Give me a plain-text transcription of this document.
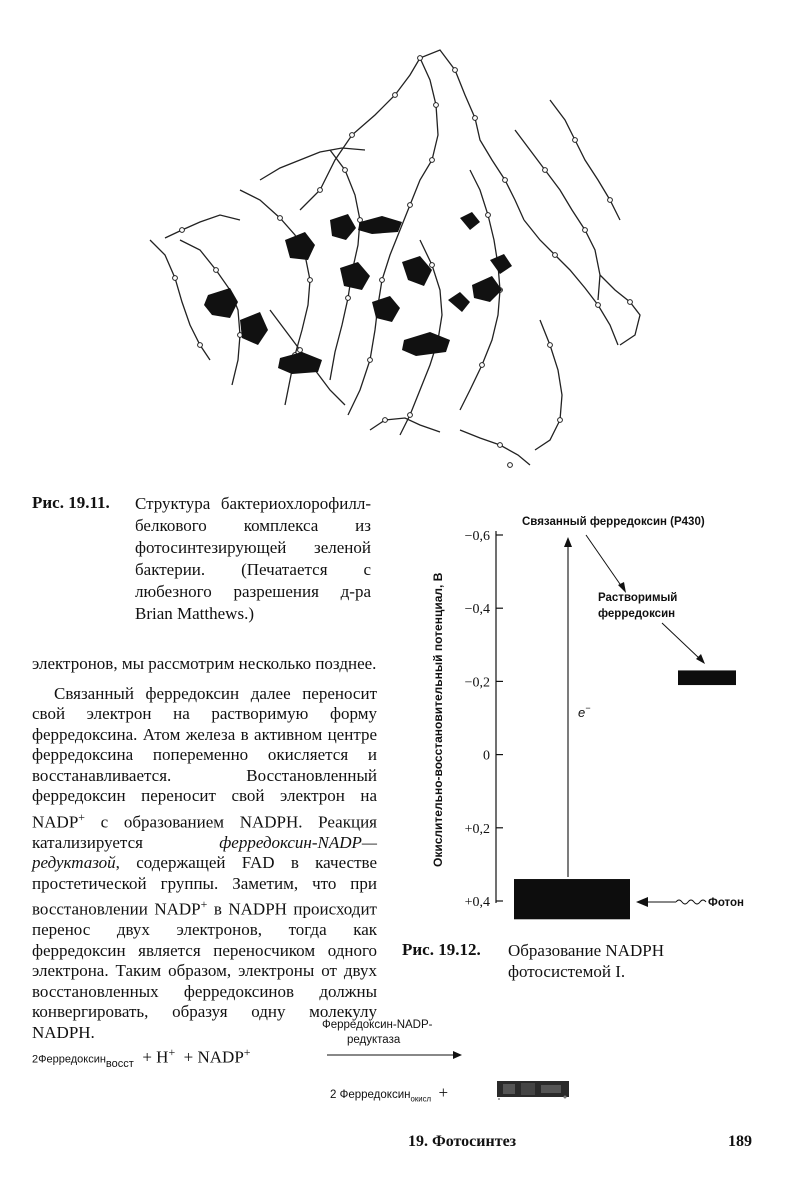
Рис. 19.11. Структура бактериохлорофилл-белкового комплекса из фотосинтезирующей зеленой бактерии. (Печатается с любезного разрешения д-ра Brian Matthews.)

электронов, мы рассмотрим несколько позднее.

Связанный ферредоксин далее переносит свой электрон на растворимую форму ферредоксина. Атом железа в активном центре ферредоксина попеременно окисляется и восстанавливается. Восстановленный ферредоксин переносит свой электрон на NADP+ с образованием NADPH. Реакция катализируется ферредоксин-NADP—редуктазой, содержащей FAD в качестве простетической группы. Заметим, что при восстановлении NADP+ в NADPH происходит перенос двух электронов, тогда как ферредоксин является переносчиком одного электрона. Таким образом, электроны от двух восстановленных ферредоксинов должны конвергировать, образуя одну молекулу NADPH.

Окислительно-восстановительный потенциал, В
−0,6
−0,4
−0,2
0
+0,2
+0,4
Связанный ферредоксин (Р430)
Растворимый
ферредоксин
e−
Фотон
Рис. 19.12. Образование NADPH фотосистемой I.
2Ферредоксин$_{восст}$ + H+ + NADP+
Ферредоксин-NADP-
редуктаза
2 Ферредоксин$_{окисл}$ +
19. Фотосинтез	189
